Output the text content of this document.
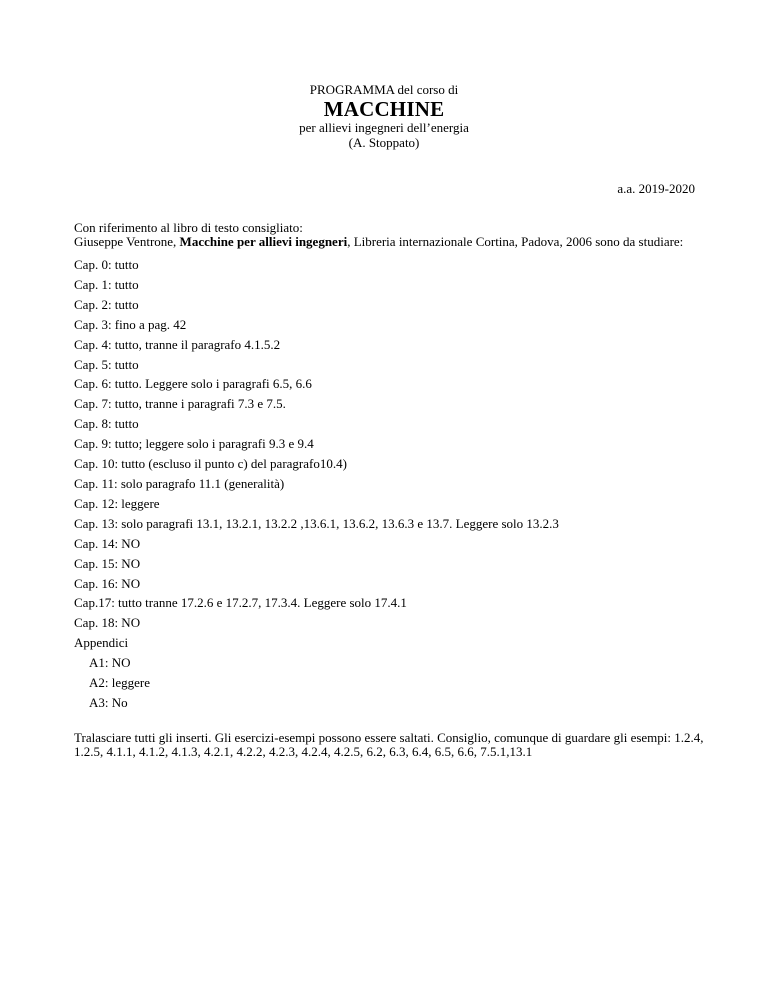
PROGRAMMA del corso di
MACCHINE
per allievi ingegneri dell’energia
(A. Stoppato)
a.a. 2019-2020
Con riferimento al libro di testo consigliato:
Giuseppe Ventrone, Macchine per allievi ingegneri, Libreria internazionale Cortina, Padova, 2006 sono da studiare:
Cap. 0: tutto
Cap. 1: tutto
Cap. 2: tutto
Cap. 3: fino a pag. 42
Cap. 4: tutto, tranne il paragrafo 4.1.5.2
Cap. 5: tutto
Cap. 6: tutto. Leggere solo i paragrafi 6.5, 6.6
Cap. 7: tutto, tranne i paragrafi 7.3 e 7.5.
Cap. 8: tutto
Cap. 9: tutto; leggere solo i paragrafi 9.3 e 9.4
Cap. 10: tutto (escluso il punto c) del paragrafo10.4)
Cap. 11: solo paragrafo 11.1 (generalità)
Cap. 12: leggere
Cap. 13: solo paragrafi 13.1, 13.2.1, 13.2.2 ,13.6.1, 13.6.2, 13.6.3 e 13.7. Leggere solo 13.2.3
Cap. 14: NO
Cap. 15: NO
Cap. 16: NO
Cap.17: tutto tranne 17.2.6 e 17.2.7, 17.3.4. Leggere solo 17.4.1
Cap. 18: NO
Appendici
A1: NO
A2: leggere
A3: No
Tralasciare tutti gli inserti. Gli esercizi-esempi possono essere saltati. Consiglio, comunque di guardare gli esempi: 1.2.4, 1.2.5, 4.1.1, 4.1.2, 4.1.3, 4.2.1, 4.2.2, 4.2.3, 4.2.4, 4.2.5, 6.2, 6.3, 6.4, 6.5, 6.6, 7.5.1,13.1
